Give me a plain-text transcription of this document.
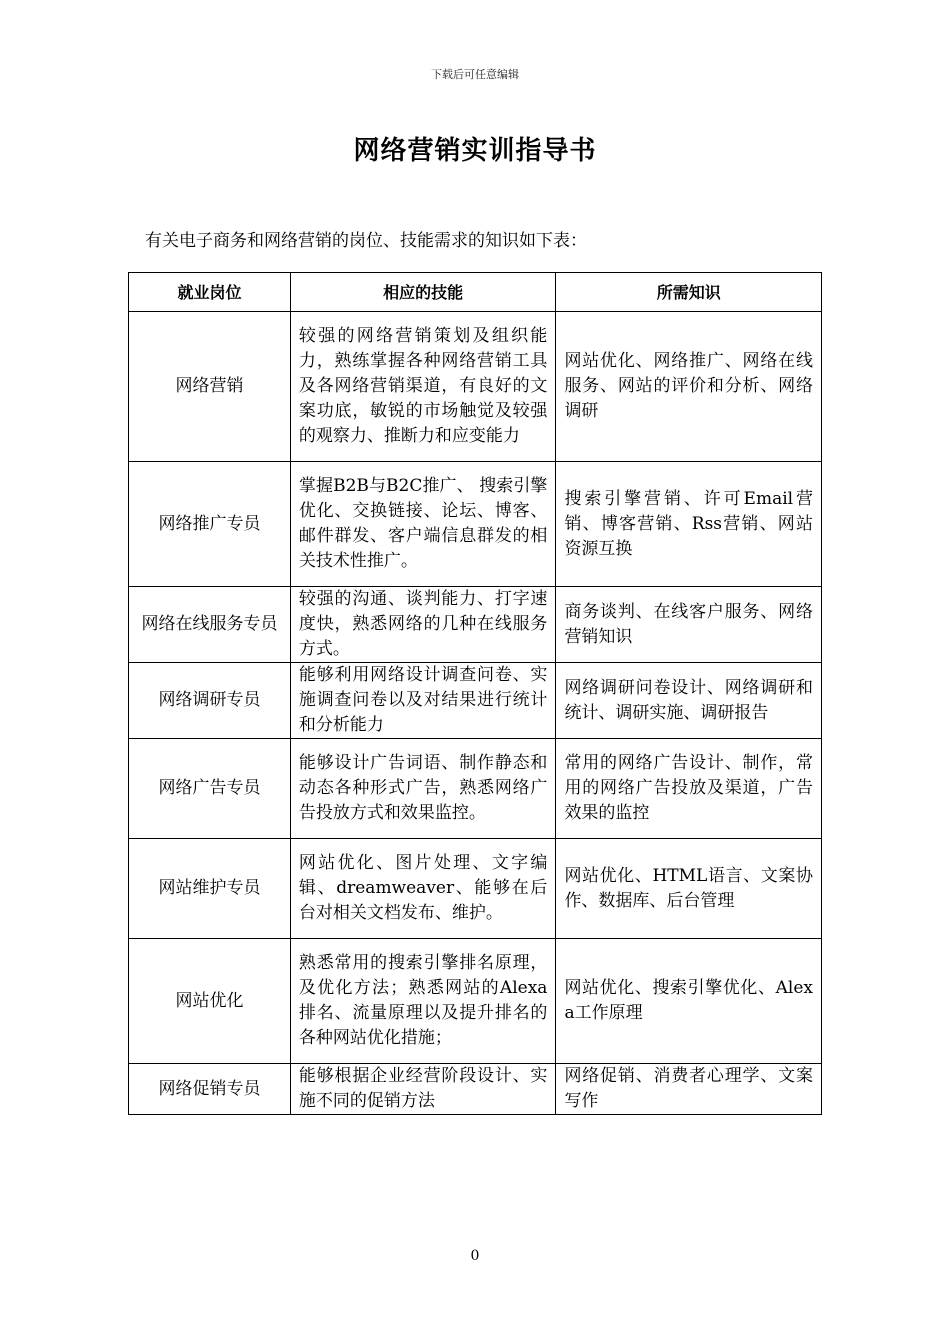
下载后可任意编辑
网络营销实训指导书

有关电子商务和网络营销的岗位、技能需求的知识如下表：

就业岗位	相应的技能	所需知识
网络营销	较强的网络营销策划及组织能力，熟练掌握各种网络营销工具及各网络营销渠道，有良好的文案功底，敏锐的市场触觉及较强的观察力、推断力和应变能力	网站优化、网络推广、网络在线服务、网站的评价和分析、网络调研
网络推广专员	掌握B2B与B2C推广、 搜索引擎优化、交换链接、论坛、博客、邮件群发、客户端信息群发的相关技术性推广。	搜索引擎营销、许可Email营销、博客营销、Rss营销、网站资源互换
网络在线服务专员	较强的沟通、谈判能力、打字速度快，熟悉网络的几种在线服务方式。	商务谈判、在线客户服务、网络营销知识
网络调研专员	能够利用网络设计调查问卷、实施调查问卷以及对结果进行统计和分析能力	网络调研问卷设计、网络调研和统计、调研实施、调研报告
网络广告专员	能够设计广告词语、制作静态和动态各种形式广告，熟悉网络广告投放方式和效果监控。	常用的网络广告设计、制作，常用的网络广告投放及渠道，广告效果的监控
网站维护专员	网站优化、图片处理、文字编辑、dreamweaver、能够在后台对相关文档发布、维护。	网站优化、HTML语言、文案协作、数据库、后台管理
网站优化	熟悉常用的搜索引擎排名原理，及优化方法；熟悉网站的Alexa排名、流量原理以及提升排名的各种网站优化措施；	网站优化、搜索引擎优化、Alexa工作原理
网络促销专员	能够根据企业经营阶段设计、实施不同的促销方法	网络促销、消费者心理学、文案写作
0
